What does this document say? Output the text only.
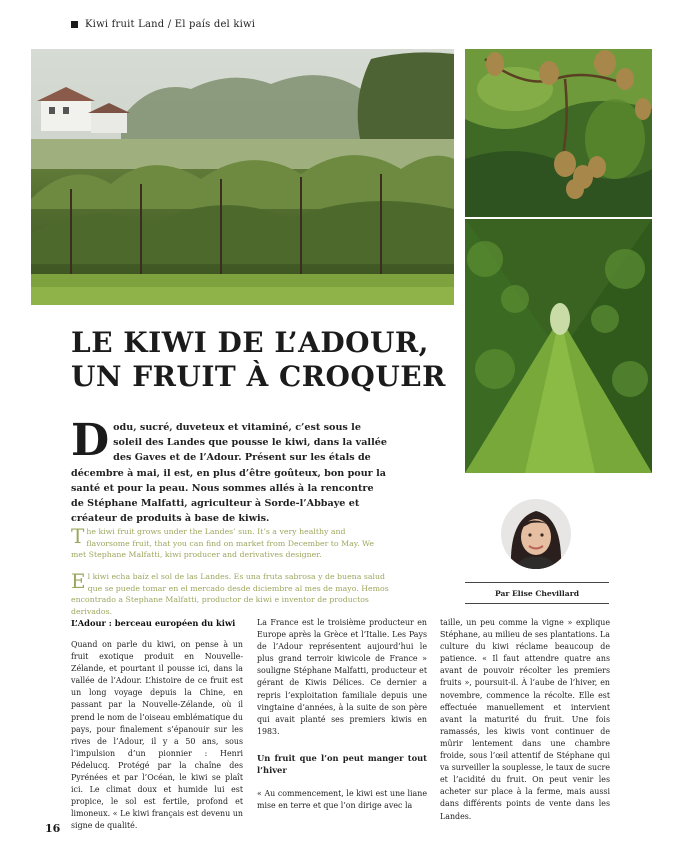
Kiwi fruit Land / El país del kiwi
LE KIWI DE L’ADOUR,
UN FRUIT À CROQUER
Dodu, sucré, duveteux et vitaminé, c’est sous le soleil des Landes que pousse le kiwi, dans la vallée des Gaves et de l’Adour. Présent sur les étals de décembre à mai, il est, en plus d’être goûteux, bon pour la santé et pour la peau. Nous sommes allés à la rencontre de Stéphane Malfatti, agriculteur à Sorde-l’Abbaye et créateur de produits à base de kiwis.
The kiwi fruit grows under the Landes’ sun. It’s a very healthy and flavorsome fruit, that you can find on market from December to May. We met Stephane Malfatti, kiwi producer and derivatives designer.
El kiwi echa baíz el sol de las Landes. Es una fruta sabrosa y de buena salud que se puede tomar en el mercado desde diciembre al mes de mayo. Hemos encontrado a Stephane Malfatti, productor de kiwi e inventor de productos derivados.
Par Elise Chevillard
L’Adour : berceau européen du kiwi

Quand on parle du kiwi, on pense à un fruit exotique produit en Nouvelle-Zélande, et pourtant il pousse ici, dans la vallée de l’Adour. L’histoire de ce fruit est un long voyage depuis la Chine, en passant par la Nouvelle-Zélande, où il prend le nom de l’oiseau emblématique du pays, pour finalement s’épanouir sur les rives de l’Adour, il y a 50 ans, sous l’impulsion d’un pionnier : Henri Pédelucq. Protégé par la chaîne des Pyrénées et par l’Océan, le kiwi se plaît ici. Le climat doux et humide lui est propice, le sol est fertile, profond et limoneux. « Le kiwi français est devenu un signe de qualité.

La France est le troisième producteur en Europe après la Grèce et l’Italie. Les Pays de l’Adour représentent aujourd’hui le plus grand terroir kiwicole de France » souligne Stéphane Malfatti, producteur et gérant de Kiwis Délices. Ce dernier a repris l’exploitation familiale depuis une vingtaine d’années, à la suite de son père qui avait planté ses premiers kiwis en 1983.

Un fruit que l’on peut manger tout l’hiver

« Au commencement, le kiwi est une liane mise en terre et que l’on dirige avec la

taille, un peu comme la vigne » explique Stéphane, au milieu de ses plantations. La culture du kiwi réclame beaucoup de patience. « Il faut attendre quatre ans avant de pouvoir récolter les premiers fruits », poursuit-il. À l’aube de l’hiver, en novembre, commence la récolte. Elle est effectuée manuellement et intervient avant la maturité du fruit. Une fois ramassés, les kiwis vont continuer de mûrir lentement dans une chambre froide, sous l’œil attentif de Stéphane qui va surveiller la souplesse, le taux de sucre et l’acidité du fruit. On peut venir les acheter sur place à la ferme, mais aussi dans différents points de vente dans les Landes.

16
